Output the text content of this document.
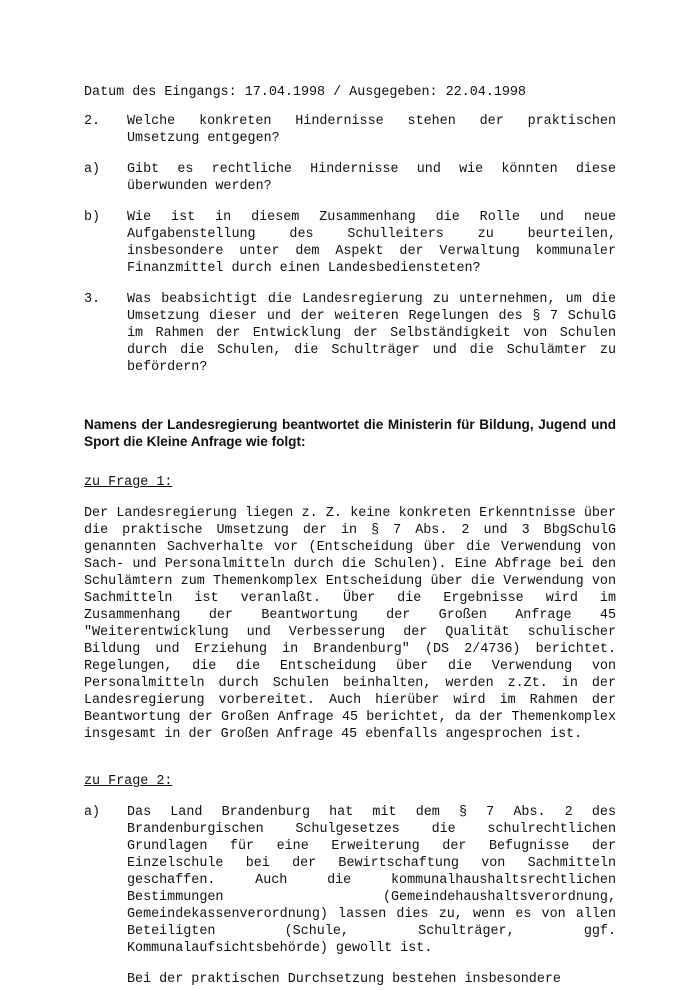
Datum des Eingangs: 17.04.1998 / Ausgegeben: 22.04.1998
2. Welche konkreten Hindernisse stehen der praktischen Umsetzung entgegen?
a) Gibt es rechtliche Hindernisse und wie könnten diese überwunden werden?
b) Wie ist in diesem Zusammenhang die Rolle und neue Aufgabenstellung des Schulleiters zu beurteilen, insbesondere unter dem Aspekt der Verwaltung kommunaler Finanzmittel durch einen Landesbediensteten?
3. Was beabsichtigt die Landesregierung zu unternehmen, um die Umsetzung dieser und der weiteren Regelungen des § 7 SchulG im Rahmen der Entwicklung der Selbständigkeit von Schulen durch die Schulen, die Schulträger und die Schulämter zu befördern?
Namens der Landesregierung beantwortet die Ministerin für Bildung, Jugend und Sport die Kleine Anfrage wie folgt:
zu Frage 1:
Der Landesregierung liegen z. Z. keine konkreten Erkenntnisse über die praktische Umsetzung der in § 7 Abs. 2 und 3 BbgSchulG genannten Sachverhalte vor (Entscheidung über die Verwendung von Sach- und Personalmitteln durch die Schulen). Eine Abfrage bei den Schulämtern zum Themenkomplex Entscheidung über die Verwendung von Sachmitteln ist veranlaßt. Über die Ergebnisse wird im Zusammenhang der Beantwortung der Großen Anfrage 45 "Weiterentwicklung und Verbesserung der Qualität schulischer Bildung und Erziehung in Brandenburg" (DS 2/4736) berichtet. Regelungen, die die Entscheidung über die Verwendung von Personalmitteln durch Schulen beinhalten, werden z.Zt. in der Landesregierung vorbereitet. Auch hierüber wird im Rahmen der Beantwortung der Großen Anfrage 45 berichtet, da der Themenkomplex insgesamt in der Großen Anfrage 45 ebenfalls angesprochen ist.
zu Frage 2:
a) Das Land Brandenburg hat mit dem § 7 Abs. 2 des Brandenburgischen Schulgesetzes die schulrechtlichen Grundlagen für eine Erweiterung der Befugnisse der Einzelschule bei der Bewirtschaftung von Sachmitteln geschaffen. Auch die kommunalhaushaltsrechtlichen Bestimmungen (Gemeindehaushaltsverordnung, Gemeindekassenverordnung) lassen dies zu, wenn es von allen Beteiligten (Schule, Schulträger, ggf. Kommunalaufsichtsbehörde) gewollt ist.
Bei der praktischen Durchsetzung bestehen insbesondere
